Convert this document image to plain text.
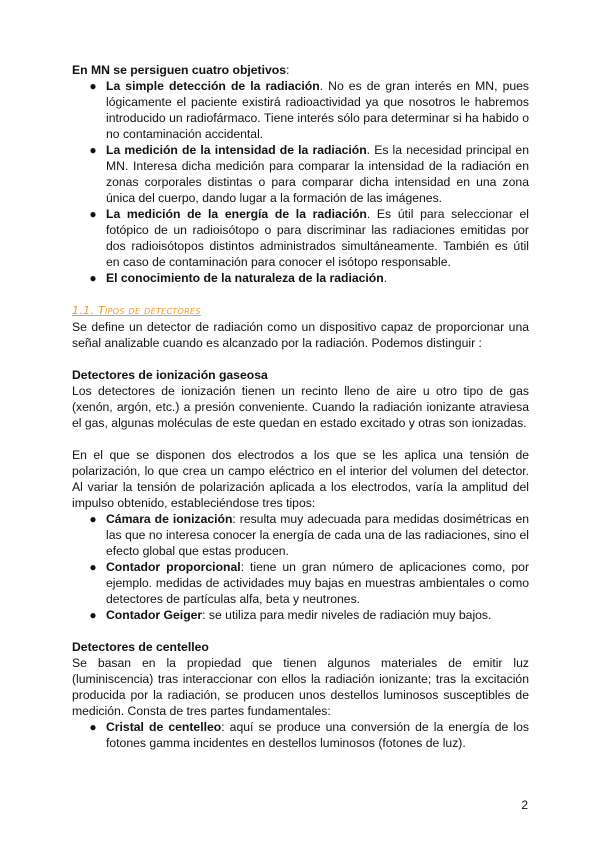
En MN se persiguen cuatro objetivos:

● La simple detección de la radiación. No es de gran interés en MN, pues lógicamente el paciente existirá radioactividad ya que nosotros le habremos introducido un radiofármaco. Tiene interés sólo para determinar si ha habido o no contaminación accidental.
● La medición de la intensidad de la radiación. Es la necesidad principal en MN. Interesa dicha medición para comparar la intensidad de la radiación en zonas corporales distintas o para comparar dicha intensidad en una zona única del cuerpo, dando lugar a la formación de las imágenes.
● La medición de la energía de la radiación. Es útil para seleccionar el fotópico de un radioisótopo o para discriminar las radiaciones emitidas por dos radioisótopos distintos administrados simultáneamente. También es útil en caso de contaminación para conocer el isótopo responsable.
● El conocimiento de la naturaleza de la radiación.

1.1. Tipos de detectores

Se define un detector de radiación como un dispositivo capaz de proporcionar una señal analizable cuando es alcanzado por la radiación. Podemos distinguir :

Detectores de ionización gaseosa

Los detectores de ionización tienen un recinto lleno de aire u otro tipo de gas (xenón, argón, etc.) a presión conveniente. Cuando la radiación ionizante atraviesa el gas, algunas moléculas de este quedan en estado excitado y otras son ionizadas.

En el que se disponen dos electrodos a los que se les aplica una tensión de polarización, lo que crea un campo eléctrico en el interior del volumen del detector. Al variar la tensión de polarización aplicada a los electrodos, varía la amplitud del impulso obtenido, estableciéndose tres tipos:

● Cámara de ionización: resulta muy adecuada para medidas dosimétricas en las que no interesa conocer la energía de cada una de las radiaciones, sino el efecto global que estas producen.
● Contador proporcional: tiene un gran número de aplicaciones como, por ejemplo. medidas de actividades muy bajas en muestras ambientales o como detectores de partículas alfa, beta y neutrones.
● Contador Geiger: se utiliza para medir niveles de radiación muy bajos.

Detectores de centelleo

Se basan en la propiedad que tienen algunos materiales de emitir luz (luminiscencia) tras interaccionar con ellos la radiación ionizante; tras la excitación producida por la radiación, se producen unos destellos luminosos susceptibles de medición. Consta de tres partes fundamentales:

● Cristal de centelleo: aquí se produce una conversión de la energía de los fotones gamma incidentes en destellos luminosos (fotones de luz).
2
